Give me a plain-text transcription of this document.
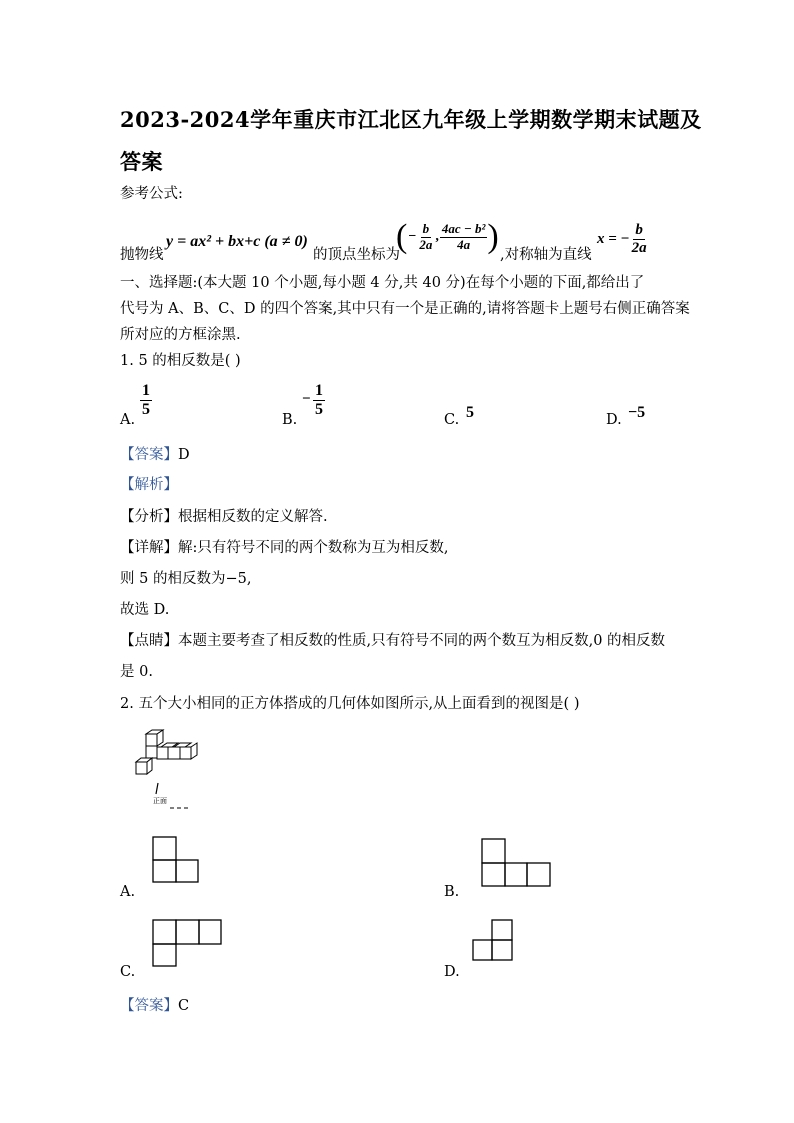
2023-2024学年重庆市江北区九年级上学期数学期末试题及
答案
参考公式:
抛物线
y = ax² + bx+c (a ≠ 0)
的顶点坐标为
( − $\frac{b}{2a}$ , $\frac{\text{4ac − b²}}{4a}$ ) ,对称轴为直线
x = − $\frac{b}{2a}$
一、选择题:(本大题 10 个小题,每小题 4 分,共 40 分)在每个小题的下面,都给出了
代号为 A、B、C、D 的四个答案,其中只有一个是正确的,请将答题卡上题号右侧正确答案
所对应的方框涂黑.
1. 5 的相反数是( )
A.
$\frac{1}{5}$
B.
− $\frac{1}{5}$
C. 5	D. −5
【答案】D
【解析】
【分析】根据相反数的定义解答.
【详解】解:只有符号不同的两个数称为互为相反数,
则 5 的相反数为−5,
故选 D.
【点睛】本题主要考查了相反数的性质,只有符号不同的两个数互为相反数,0 的相反数
是 0.
2. 五个大小相同的正方体搭成的几何体如图所示,从上面看到的视图是( )
正面
A.	B.
C.	D.
【答案】C
